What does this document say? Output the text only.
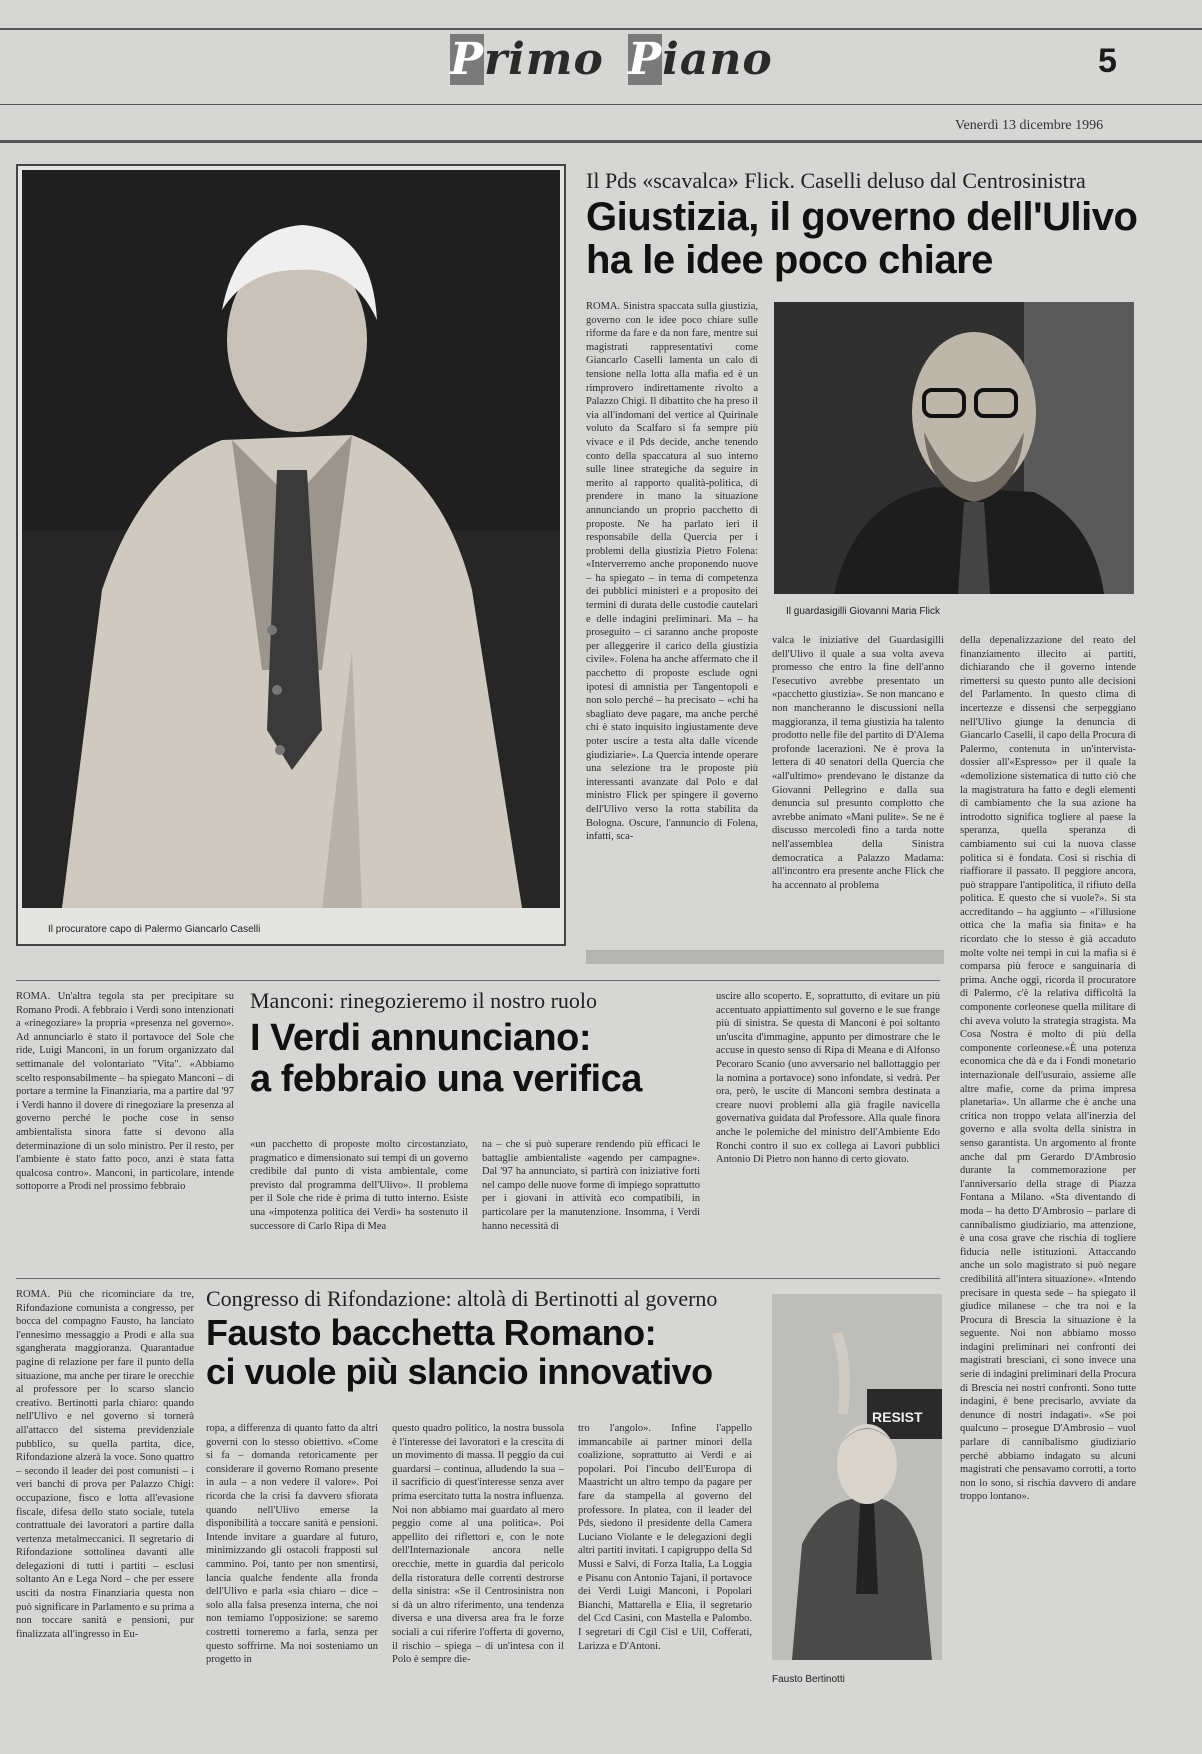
Primo Piano	5
Venerdì 13 dicembre 1996
Il procuratore capo di Palermo Giancarlo Caselli
Il Pds «scavalca» Flick. Caselli deluso dal Centrosinistra
Giustizia, il governo dell'Ulivo
ha le idee poco chiare
Il guardasigilli Giovanni Maria Flick
ROMA. Sinistra spaccata sulla giustizia, governo con le idee poco chiare sulle riforme da fare e da non fare, mentre sui magistrati rappresentativi come Giancarlo Caselli lamenta un calo di tensione nella lotta alla mafia ed è un rimprovero indirettamente rivolto a Palazzo Chigi. Il dibattito che ha preso il via all'indomani del vertice al Quirinale voluto da Scalfaro si fa sempre più vivace e il Pds decide, anche tenendo conto della spaccatura al suo interno sulle linee strategiche da seguire in merito al rapporto qualità-politica, di prendere in mano la situazione annunciando un proprio pacchetto di proposte. Ne ha parlato ieri il responsabile della Quercia per i problemi della giustizia Pietro Folena: «Interverremo anche proponendo nuove – ha spiegato – in tema di competenza dei pubblici ministeri e a proposito dei termini di durata delle custodie cautelari e delle indagini preliminari. Ma – ha proseguito – ci saranno anche proposte per alleggerire il carico della giustizia civile». Folena ha anche affermato che il pacchetto di proposte esclude ogni ipotesi di amnistia per Tangentopoli e non solo perché – ha precisato – «chi ha sbagliato deve pagare, ma anche perché chi è stato inquisito ingiustamente deve poter uscire a testa alta dalle vicende giudiziarie». La Quercia intende operare una selezione tra le proposte più interessanti avanzate dal Polo e dal ministro Flick per spingere il governo dell'Ulivo verso la rotta stabilita da Bologna. Oscure, l'annuncio di Folena, infatti, sca-
valca le iniziative del Guardasigilli dell'Ulivo il quale a sua volta aveva promesso che entro la fine dell'anno l'esecutivo avrebbe presentato un «pacchetto giustizia». Se non mancano e non mancheranno le discussioni nella maggioranza, il tema giustizia ha talento prodotto nelle file del partito di D'Alema profonde lacerazioni. Ne è prova la lettera di 40 senatori della Quercia che «all'ultimo» prendevano le distanze da Giovanni Pellegrino e dalla sua denuncia sul presunto complotto che avrebbe animato «Mani pulite». Se ne è discusso mercoledì fino a tarda notte nell'assemblea della Sinistra democratica a Palazzo Madama: all'incontro era presente anche Flick che ha accennato al problema
della depenalizzazione del reato del finanziamento illecito ai partiti, dichiarando che il governo intende rimettersi su questo punto alle decisioni del Parlamento. In questo clima di incertezze e dissensi che serpeggiano nell'Ulivo giunge la denuncia di Giancarlo Caselli, il capo della Procura di Palermo, contenuta in un'intervista-dossier all'«Espresso» per il quale la «demolizione sistematica di tutto ciò che la magistratura ha fatto e degli elementi di cambiamento che la sua azione ha introdotto significa togliere al paese la speranza, quella speranza di cambiamento sui cui la nuova classe politica si è fondata. Così si rischia di riaffiorare il passato. Il peggiore ancora, può strappare l'antipolitica, il rifiuto della politica. E questo che si vuole?». Si sta accreditando – ha aggiunto – «l'illusione ottica che la mafia sia finita» e ha ricordato che lo stesso è già accaduto molte volte nei tempi in cui la mafia si è comparsa più feroce e sanguinaria di prima. Anche oggi, ricorda il procuratore di Palermo, c'è la relativa difficoltà la componente corleonese quella militare di chi aveva voluto la strategia stragista. Ma Cosa Nostra è molto di più della componente corleonese.«È una potenza economica che dà e da i Fondi monetario internazionale dell'usuraio, assieme alle altre mafie, come da prima impresa planetaria». Un allarme che è anche una critica non troppo velata all'inerzia del governo e alla svolta della sinistra in senso garantista. Un argomento al fronte anche dal pm Gerardo D'Ambrosio durante la commemorazione per l'anniversario della strage di Piazza Fontana a Milano. «Sta diventando di moda – ha detto D'Ambrosio – parlare di cannibalismo giudiziario, ma attenzione, è una cosa grave che rischia di togliere fiducia nelle istituzioni. Attaccando anche un solo magistrato si può negare credibilità all'intera situazione». «Intendo precisare in questa sede – ha spiegato il giudice milanese – che tra noi e la Procura di Brescia la situazione è la seguente. Noi non abbiamo mosso indagini preliminari nei confronti dei magistrati bresciani, ci sono invece una serie di indagini preliminari della Procura di Brescia nei nostri confronti. Sono tutte indagini, è bene precisarlo, avviate da denunce di nostri indagati». «Se poi qualcuno – prosegue D'Ambrosio – vuol parlare di cannibalismo giudiziario perché abbiamo indagato su alcuni magistrati che pensavamo corrotti, a torto non lo sono, si rischia davvero di andare troppo lontano».
ROMA. Un'altra tegola sta per precipitare su Romano Prodi. A febbraio i Verdi sono intenzionati a «rinegoziare» la propria «presenza nel governo». Ad annunciarlo è stato il portavoce del Sole che ride, Luigi Manconi, in un forum organizzato dal settimanale del volontariato "Vita". «Abbiamo scelto responsabilmente – ha spiegato Manconi – di portare a termine la Finanziaria, ma a partire dal '97 i Verdi hanno il dovere di rinegoziare la presenza al governo perché le poche cose in senso ambientalista sinora fatte si devono alla determinazione di un solo ministro. Per il resto, per l'ambiente è stato fatto poco, anzi è stata fatta qualcosa contro». Manconi, in particolare, intende sottoporre a Prodi nel prossimo febbraio
Manconi: rinegozieremo il nostro ruolo
I Verdi annunciano:
a febbraio una verifica
«un pacchetto di proposte molto circostanziato, pragmatico e dimensionato sui tempi di un governo credibile dal punto di vista ambientale, come previsto dal programma dell'Ulivo». Il problema per il Sole che ride è prima di tutto interno. Esiste una «impotenza politica dei Verdi» ha sostenuto il successore di Carlo Ripa di Mea
na – che si può superare rendendo più efficaci le battaglie ambientaliste «agendo per campagne». Dal '97 ha annunciato, si partirà con iniziative forti nel campo delle nuove forme di impiego soprattutto per i giovani in attività eco compatibili, in particolare per la manutenzione. Insomma, i Verdi hanno necessità di
uscire allo scoperto. E, soprattutto, di evitare un più accentuato appiattimento sul governo e le sue frange più di sinistra. Se questa di Manconi è poi soltanto un'uscita d'immagine, appunto per dimostrare che le accuse in questo senso di Ripa di Meana e di Alfonso Pecoraro Scanio (uno avversario nel ballottaggio per la nomina a portavoce) sono infondate, si vedrà. Per ora, però, le uscite di Manconi sembra destinata a creare nuovi problemi alla già fragile navicella governativa guidata dal Professore. Alla quale finora anche le polemiche del ministro dell'Ambiente Edo Ronchi contro il suo ex collega ai Lavori pubblici Antonio Di Pietro non hanno di certo giovato.
ROMA. Più che ricominciare da tre, Rifondazione comunista a congresso, per bocca del compagno Fausto, ha lanciato l'ennesimo messaggio a Prodi e alla sua sgangherata maggioranza. Quarantadue pagine di relazione per fare il punto della situazione, ma anche per tirare le orecchie al professore per lo scarso slancio creativo. Bertinotti parla chiaro: quando nell'Ulivo e nel governo si tornerà all'attacco del sistema previdenziale pubblico, su quella partita, dice, Rifondazione alzerà la voce. Sono quattro – secondo il leader dei post comunisti – i veri banchi di prova per Palazzo Chigi: occupazione, fisco e lotta all'evasione fiscale, difesa dello stato sociale, tutela contrattuale dei lavoratori a partire dalla vertenza metalmeccanici. Il segretario di Rifondazione sottolinea davanti alle delegazioni di tutti i partiti – esclusi soltanto An e Lega Nord – che per essere usciti da nostra Finanziaria questa non può significare in Parlamento e su prima a non toccare sanità e pensioni, pur finalizzata all'ingresso in Eu-
Congresso di Rifondazione: altolà di Bertinotti al governo
Fausto bacchetta Romano:
ci vuole più slancio innovativo
ropa, a differenza di quanto fatto da altri governi con lo stesso obiettivo. «Come si fa – domanda retoricamente per considerare il governo Romano presente in aula – a non vedere il valore». Poi ricorda che la crisi fa davvero sfiorata quando nell'Ulivo emerse la disponibilità a toccare sanità e pensioni. Intende invitare a guardare al futuro, minimizzando gli ostacoli frapposti sul cammino. Poi, tanto per non smentirsi, lancia qualche fendente alla fronda dell'Ulivo e parla «sia chiaro – dice – solo alla falsa presenza interna, che noi non temiamo l'opposizione: se saremo costretti torneremo a farla, senza per questo soffrirne. Ma noi sosteniamo un progetto in
questo quadro politico, la nostra bussola è l'interesse dei lavoratori e la crescita di un movimento di massa. Il peggio da cui guardarsi – continua, alludendo la sua – il sacrificio di quest'interesse senza aver prima esercitato tutta la nostra influenza. Noi non abbiamo mai guardato al mero peggio come al una politica». Poi appellito dei riflettori e, con le note dell'Internazionale ancora nelle orecchie, mette in guardia dal pericolo della ristoratura delle correnti destrorse della sinistra: «Se il Centrosinistra non si dà un altro riferimento, una tendenza diversa e una diversa area fra le forze sociali a cui riferire l'offerta di governo, il rischio – spiega – di un'intesa con il Polo è sempre die-
tro l'angolo». Infine l'appello immancabile ai partner minori della coalizione, soprattutto ai Verdi e ai popolari. Poi l'incubo dell'Europa di Maastricht un altro tempo da pagare per fare da stampella al governo del professore. In platea, con il leader del Pds, siedono il presidente della Camera Luciano Violante e le delegazioni degli altri partiti invitati. I capigruppo della Sd Mussi e Salvi, di Forza Italia, La Loggia e Pisanu con Antonio Tajani, il portavoce dei Verdi Luigi Manconi, i Popolari Bianchi, Mattarella e Elia, il segretario del Ccd Casini, con Mastella e Palombo. I segretari di Cgil Cisl e Uil, Cofferati, Larizza e D'Antoni.
RESIST
Fausto Bertinotti
